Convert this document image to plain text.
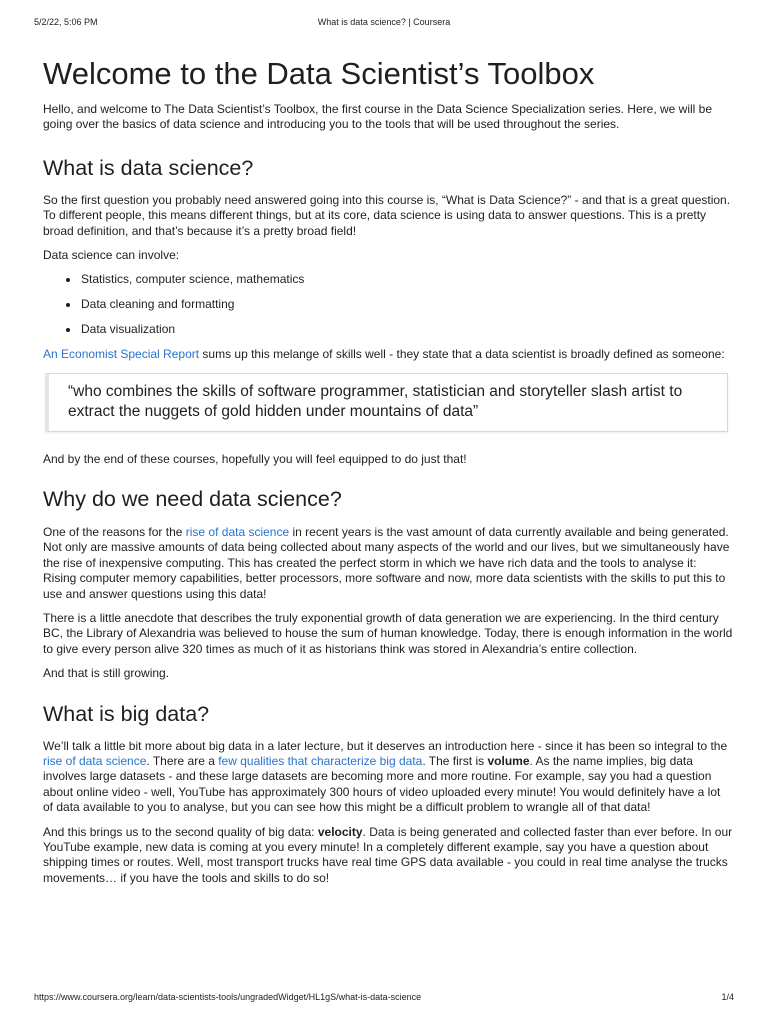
5/2/22, 5:06 PM	What is data science? | Coursera
Welcome to the Data Scientist’s Toolbox

Hello, and welcome to The Data Scientist’s Toolbox, the first course in the Data Science Specialization series. Here, we will be going over the basics of data science and introducing you to the tools that will be used throughout the series.

What is data science?

So the first question you probably need answered going into this course is, “What is Data Science?” - and that is a great question. To different people, this means different things, but at its core, data science is using data to answer questions. This is a pretty broad definition, and that’s because it’s a pretty broad field!

Data science can involve:

Statistics, computer science, mathematics
Data cleaning and formatting
Data visualization

An Economist Special Report sums up this melange of skills well - they state that a data scientist is broadly defined as someone:

“who combines the skills of software programmer, statistician and storyteller slash artist to extract the nuggets of gold hidden under mountains of data”

And by the end of these courses, hopefully you will feel equipped to do just that!

Why do we need data science?

One of the reasons for the rise of data science in recent years is the vast amount of data currently available and being generated. Not only are massive amounts of data being collected about many aspects of the world and our lives, but we simultaneously have the rise of inexpensive computing. This has created the perfect storm in which we have rich data and the tools to analyse it: Rising computer memory capabilities, better processors, more software and now, more data scientists with the skills to put this to use and answer questions using this data!

There is a little anecdote that describes the truly exponential growth of data generation we are experiencing. In the third century BC, the Library of Alexandria was believed to house the sum of human knowledge. Today, there is enough information in the world to give every person alive 320 times as much of it as historians think was stored in Alexandria’s entire collection.

And that is still growing.

What is big data?

We’ll talk a little bit more about big data in a later lecture, but it deserves an introduction here - since it has been so integral to the rise of data science. There are a few qualities that characterize big data. The first is volume. As the name implies, big data involves large datasets - and these large datasets are becoming more and more routine. For example, say you had a question about online video - well, YouTube has approximately 300 hours of video uploaded every minute! You would definitely have a lot of data available to you to analyse, but you can see how this might be a difficult problem to wrangle all of that data!

And this brings us to the second quality of big data: velocity. Data is being generated and collected faster than ever before. In our YouTube example, new data is coming at you every minute! In a completely different example, say you have a question about shipping times or routes. Well, most transport trucks have real time GPS data available - you could in real time analyse the trucks movements… if you have the tools and skills to do so!

https://www.coursera.org/learn/data-scientists-tools/ungradedWidget/HL1gS/what-is-data-science	1/4
